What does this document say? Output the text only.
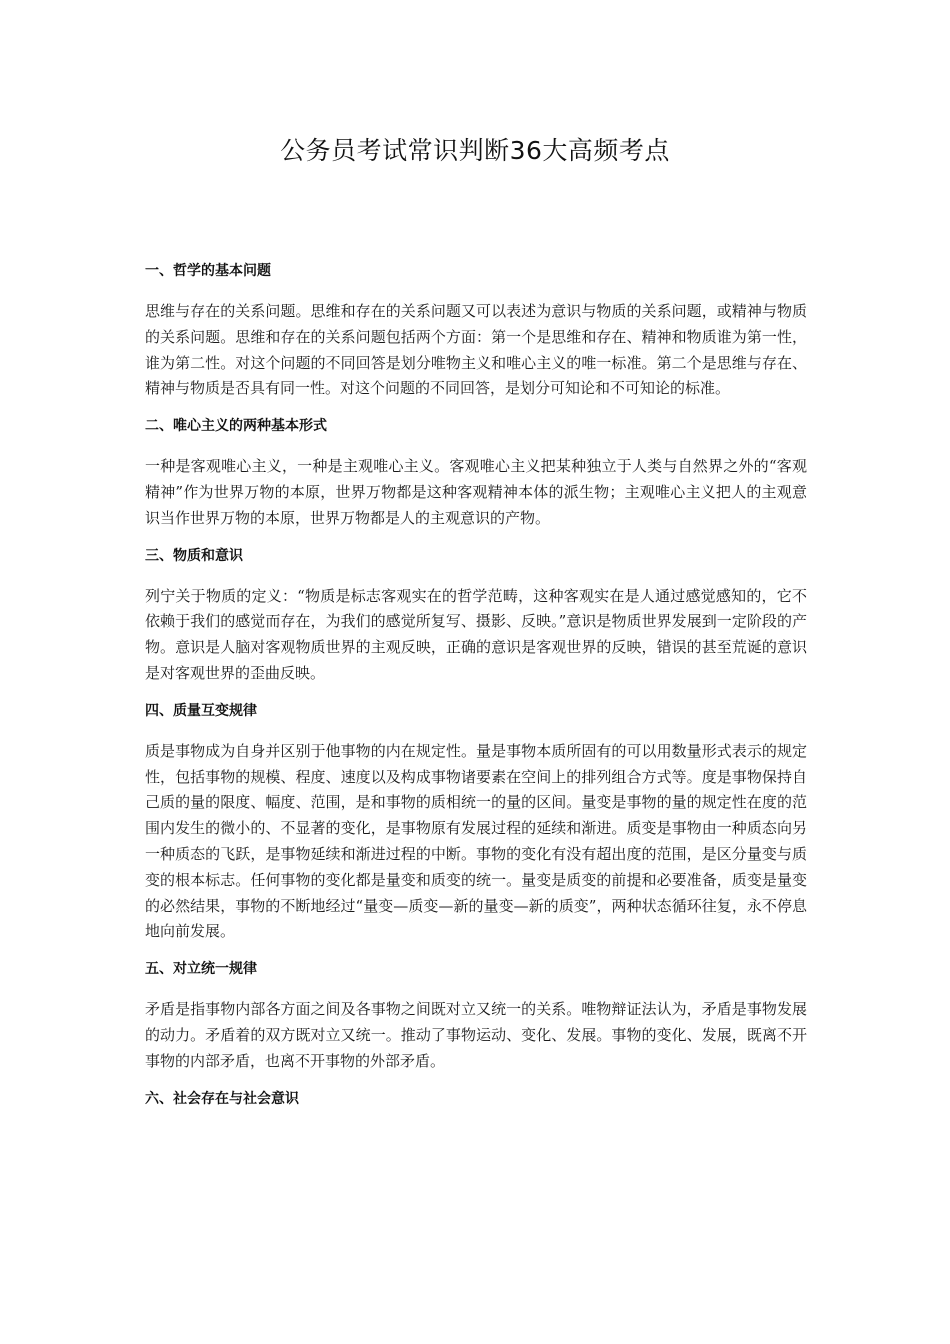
公务员考试常识判断36大高频考点
一、哲学的基本问题

思维与存在的关系问题。思维和存在的关系问题又可以表述为意识与物质的关系问题，或精神与物质的关系问题。思维和存在的关系问题包括两个方面：第一个是思维和存在、精神和物质谁为第一性，谁为第二性。对这个问题的不同回答是划分唯物主义和唯心主义的唯一标准。第二个是思维与存在、精神与物质是否具有同一性。对这个问题的不同回答，是划分可知论和不可知论的标准。

二、唯心主义的两种基本形式

一种是客观唯心主义，一种是主观唯心主义。客观唯心主义把某种独立于人类与自然界之外的“客观精神”作为世界万物的本原，世界万物都是这种客观精神本体的派生物；主观唯心主义把人的主观意识当作世界万物的本原，世界万物都是人的主观意识的产物。

三、物质和意识

列宁关于物质的定义：“物质是标志客观实在的哲学范畴，这种客观实在是人通过感觉感知的，它不依赖于我们的感觉而存在，为我们的感觉所复写、摄影、反映。”意识是物质世界发展到一定阶段的产物。意识是人脑对客观物质世界的主观反映，正确的意识是客观世界的反映，错误的甚至荒诞的意识是对客观世界的歪曲反映。

四、质量互变规律

质是事物成为自身并区别于他事物的内在规定性。量是事物本质所固有的可以用数量形式表示的规定性，包括事物的规模、程度、速度以及构成事物诸要素在空间上的排列组合方式等。度是事物保持自己质的量的限度、幅度、范围，是和事物的质相统一的量的区间。量变是事物的量的规定性在度的范围内发生的微小的、不显著的变化，是事物原有发展过程的延续和渐进。质变是事物由一种质态向另一种质态的飞跃，是事物延续和渐进过程的中断。事物的变化有没有超出度的范围，是区分量变与质变的根本标志。任何事物的变化都是量变和质变的统一。量变是质变的前提和必要准备，质变是量变的必然结果，事物的不断地经过“量变—质变—新的量变—新的质变”，两种状态循环往复，永不停息地向前发展。

五、对立统一规律

矛盾是指事物内部各方面之间及各事物之间既对立又统一的关系。唯物辩证法认为，矛盾是事物发展的动力。矛盾着的双方既对立又统一。推动了事物运动、变化、发展。事物的变化、发展，既离不开事物的内部矛盾，也离不开事物的外部矛盾。

六、社会存在与社会意识
